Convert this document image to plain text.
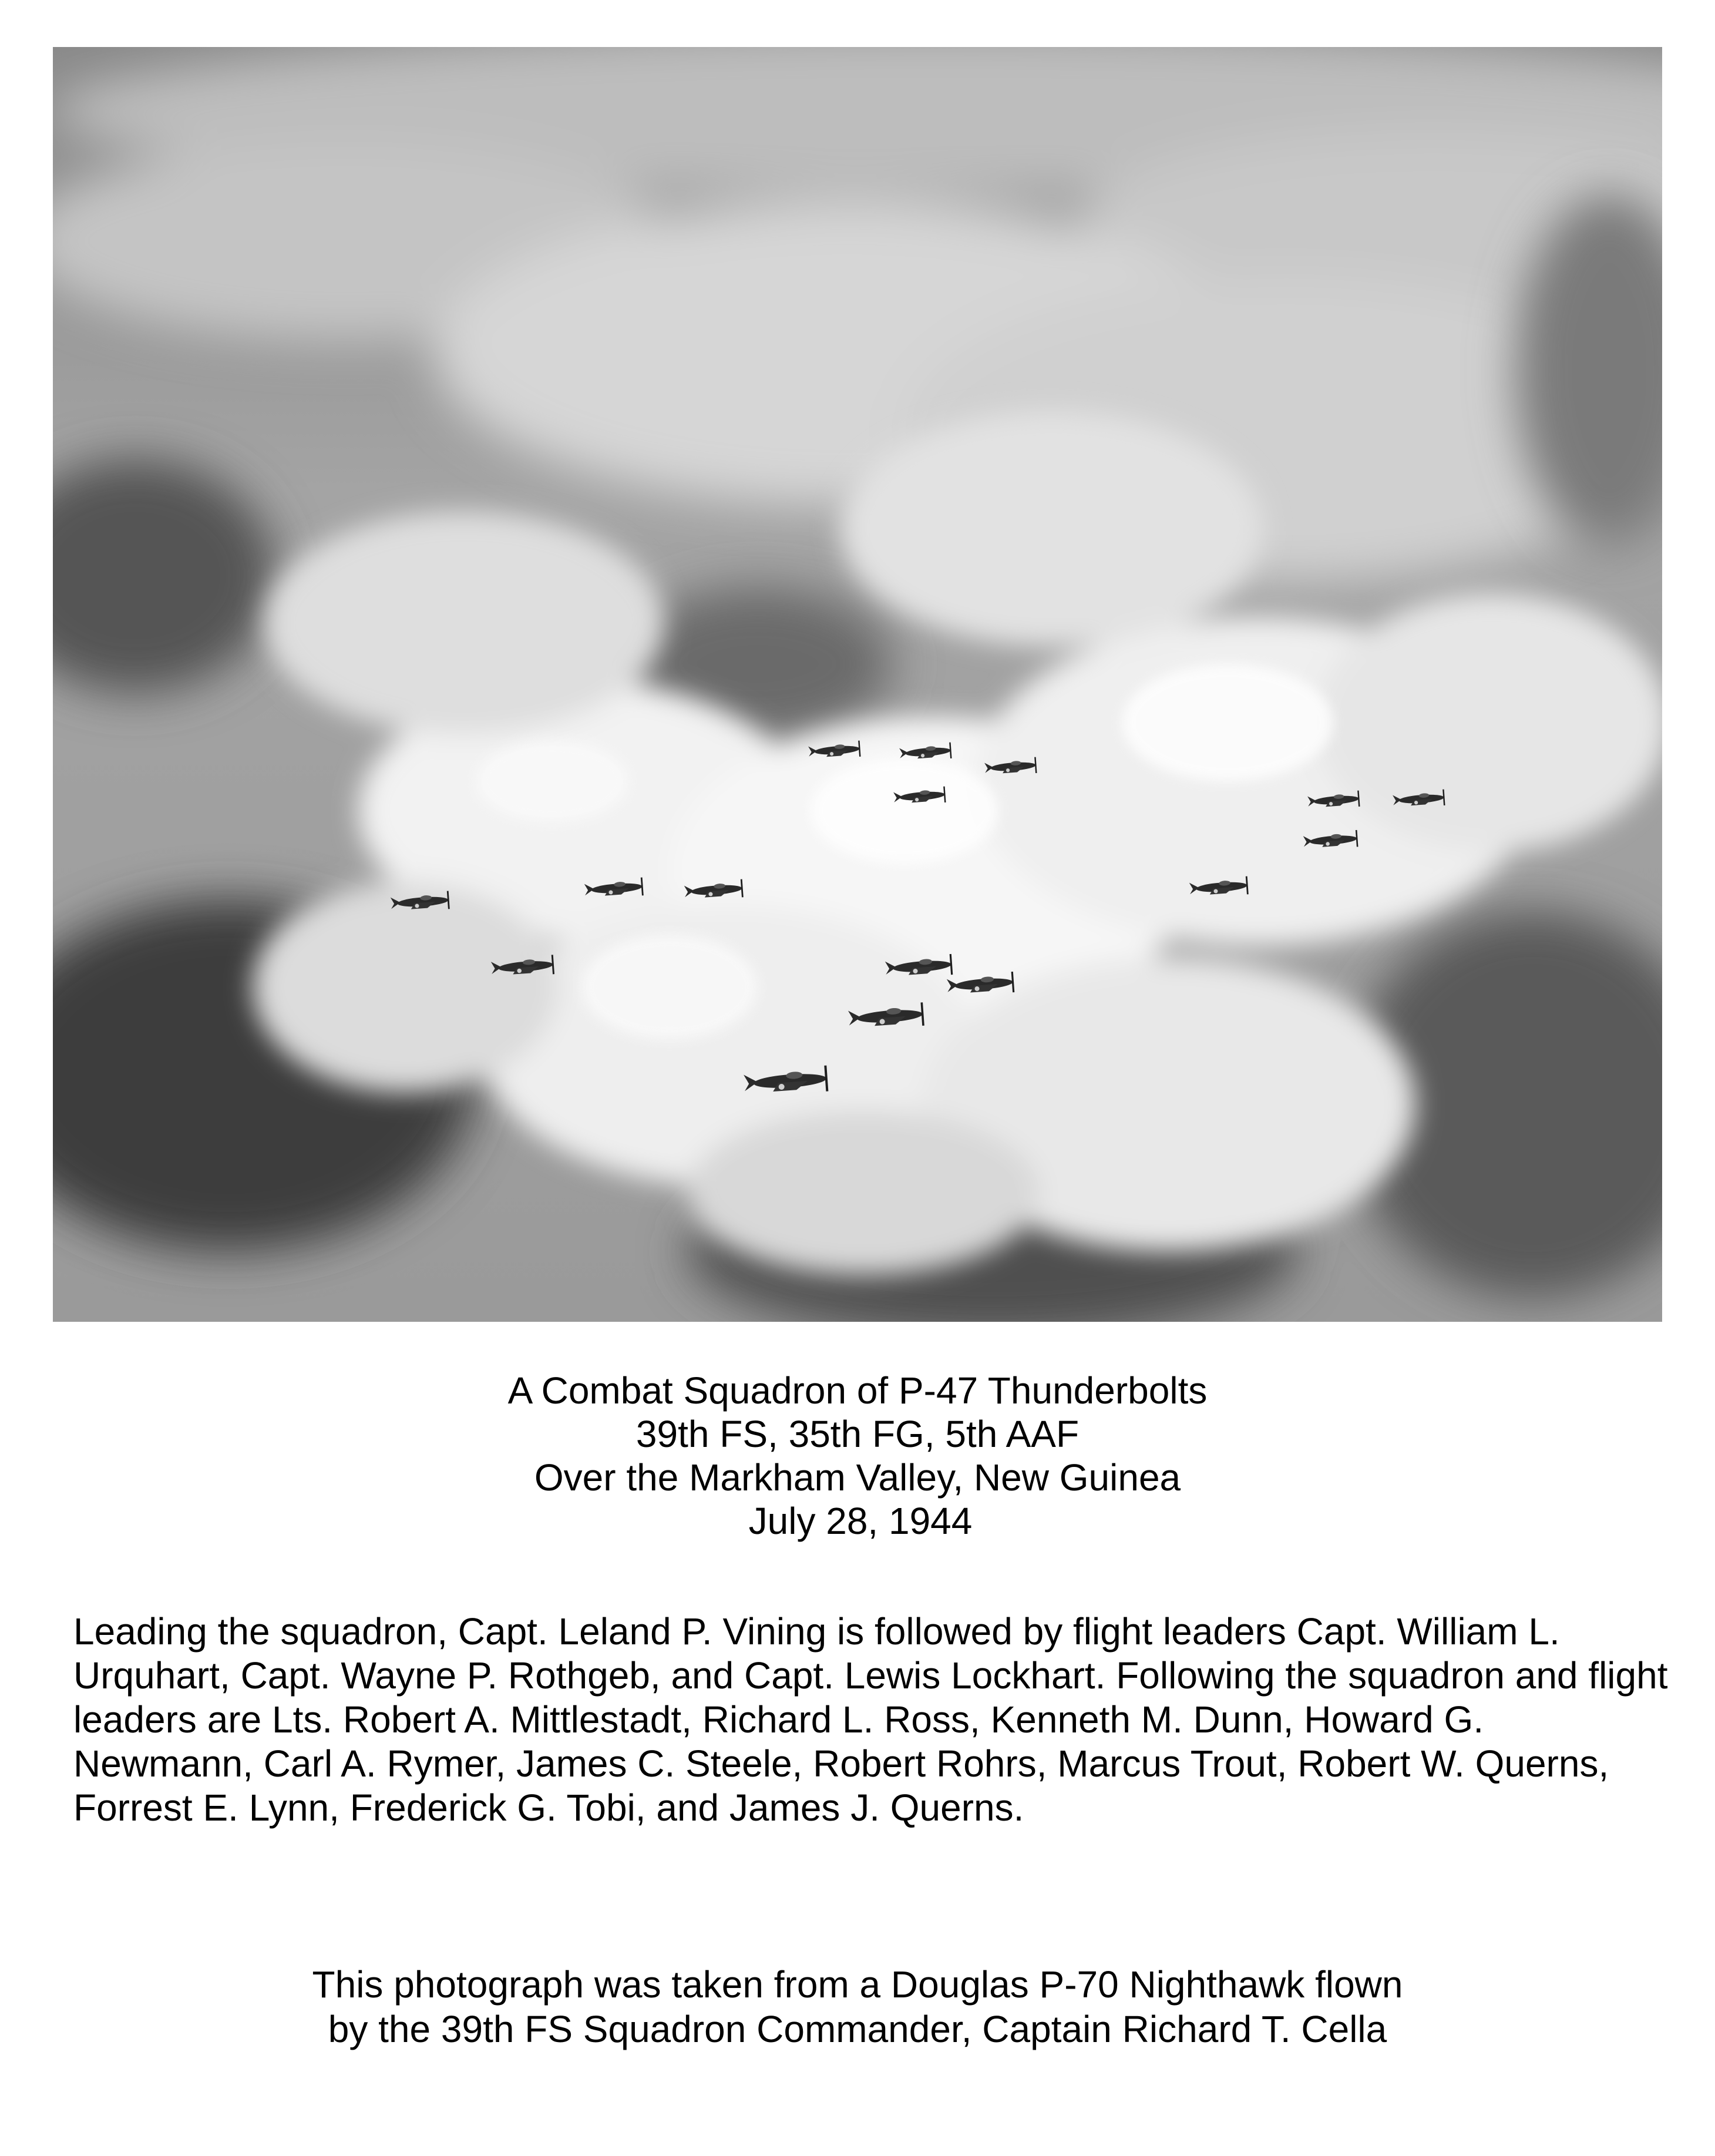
A Combat Squadron of P-47 Thunderbolts
39th FS, 35th FG, 5th AAF
Over the Markham Valley, New Guinea
July 28, 1944

Leading the squadron, Capt. Leland P. Vining is followed by flight leaders Capt. William L. Urquhart, Capt. Wayne P. Rothgeb, and Capt. Lewis Lockhart. Following the squadron and flight leaders are Lts. Robert A. Mittlestadt, Richard L. Ross, Kenneth M. Dunn, Howard G. Newmann, Carl A. Rymer, James C. Steele, Robert Rohrs, Marcus Trout, Robert W. Querns, Forrest E. Lynn, Frederick G. Tobi, and James J. Querns.

This photograph was taken from a Douglas P-70 Nighthawk flown
by the 39th FS Squadron Commander, Captain Richard T. Cella
